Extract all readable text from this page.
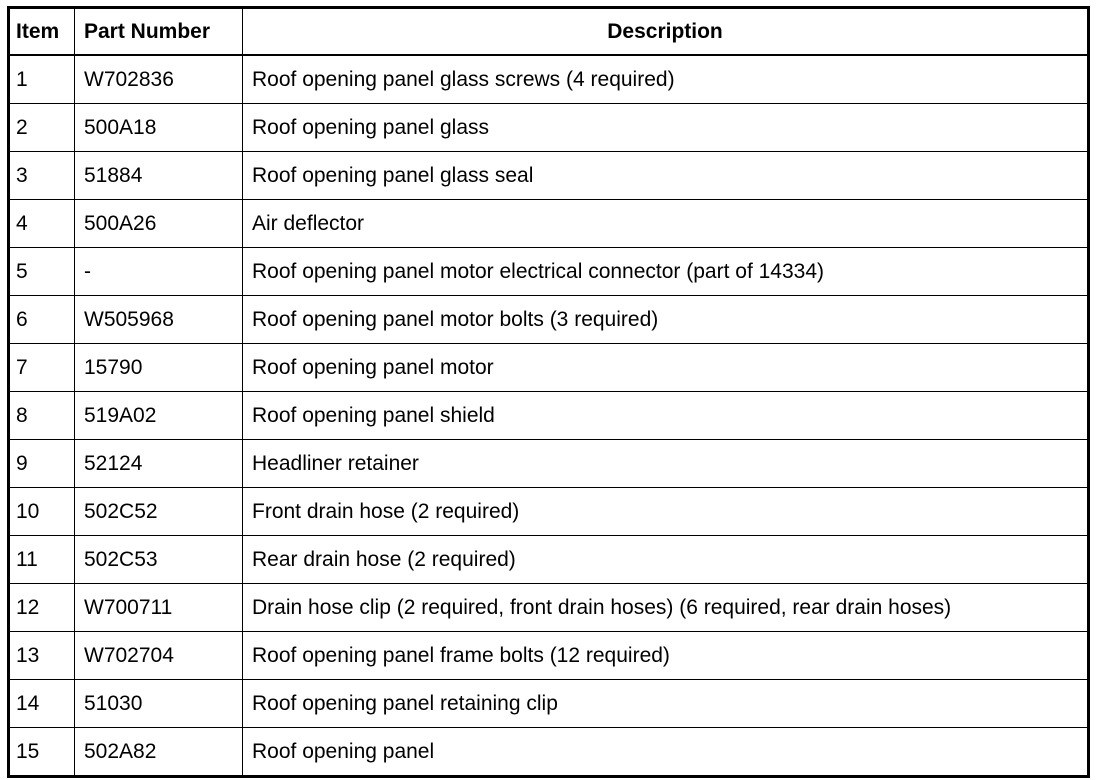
Item	Part Number	Description
1	W702836	Roof opening panel glass screws (4 required)
2	500A18	Roof opening panel glass
3	51884	Roof opening panel glass seal
4	500A26	Air deflector
5	-	Roof opening panel motor electrical connector (part of 14334)
6	W505968	Roof opening panel motor bolts (3 required)
7	15790	Roof opening panel motor
8	519A02	Roof opening panel shield
9	52124	Headliner retainer
10	502C52	Front drain hose (2 required)
11	502C53	Rear drain hose (2 required)
12	W700711	Drain hose clip (2 required, front drain hoses) (6 required, rear drain hoses)
13	W702704	Roof opening panel frame bolts (12 required)
14	51030	Roof opening panel retaining clip
15	502A82	Roof opening panel
